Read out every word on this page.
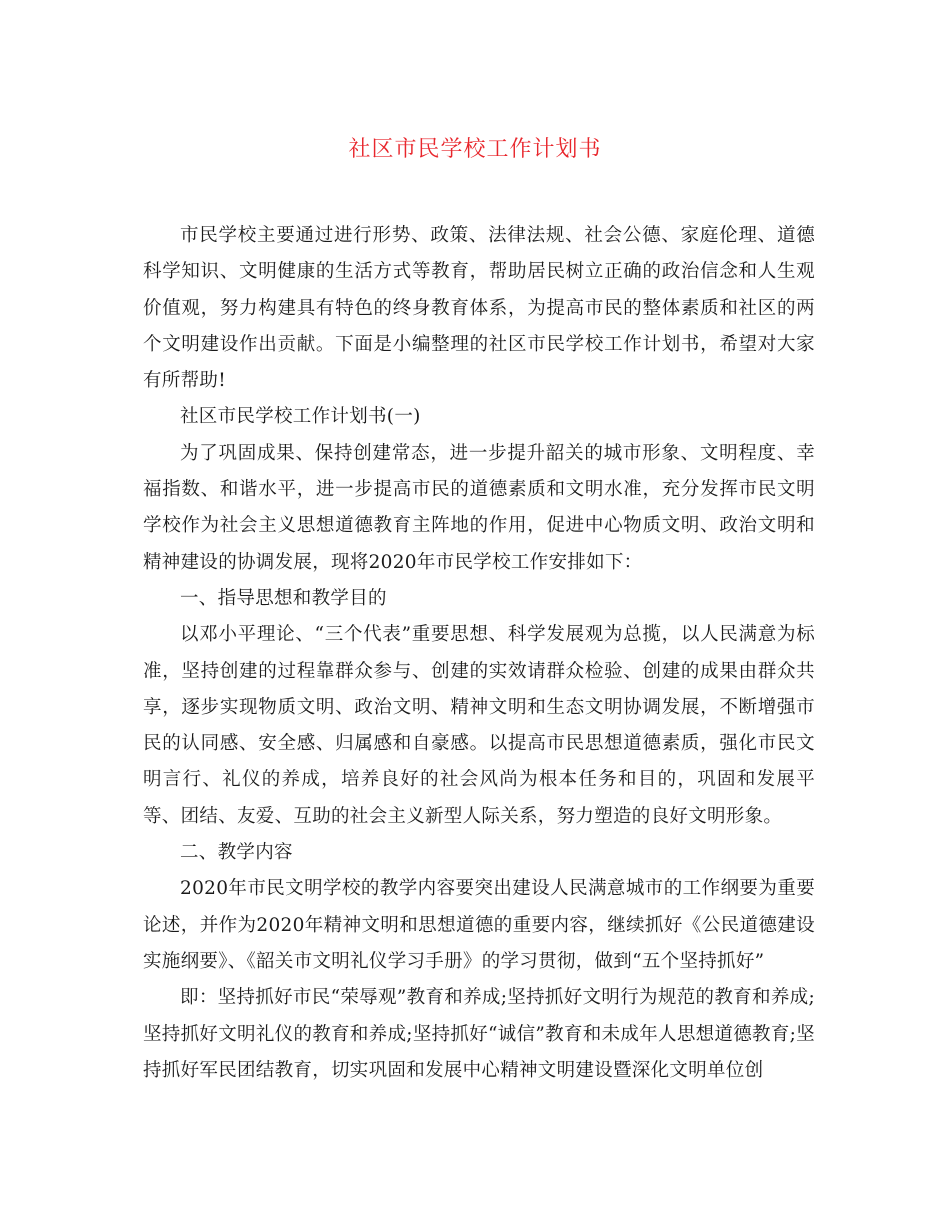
社区市民学校工作计划书

市民学校主要通过进行形势、政策、法律法规、社会公德、家庭伦理、道德科学知识、文明健康的生活方式等教育，帮助居民树立正确的政治信念和人生观价值观，努力构建具有特色的终身教育体系，为提高市民的整体素质和社区的两个文明建设作出贡献。下面是小编整理的社区市民学校工作计划书，希望对大家有所帮助!

社区市民学校工作计划书(一)

为了巩固成果、保持创建常态，进一步提升韶关的城市形象、文明程度、幸福指数、和谐水平，进一步提高市民的道德素质和文明水准，充分发挥市民文明学校作为社会主义思想道德教育主阵地的作用，促进中心物质文明、政治文明和精神建设的协调发展，现将2020年市民学校工作安排如下：

一、指导思想和教学目的

以邓小平理论、“三个代表”重要思想、科学发展观为总揽，以人民满意为标准，坚持创建的过程靠群众参与、创建的实效请群众检验、创建的成果由群众共享，逐步实现物质文明、政治文明、精神文明和生态文明协调发展，不断增强市民的认同感、安全感、归属感和自豪感。以提高市民思想道德素质，强化市民文明言行、礼仪的养成，培养良好的社会风尚为根本任务和目的，巩固和发展平等、团结、友爱、互助的社会主义新型人际关系，努力塑造的良好文明形象。

二、教学内容

2020年市民文明学校的教学内容要突出建设人民满意城市的工作纲要为重要论述，并作为2020年精神文明和思想道德的重要内容，继续抓好《公民道德建设实施纲要》、《韶关市文明礼仪学习手册》的学习贯彻，做到“五个坚持抓好”

即：坚持抓好市民“荣辱观”教育和养成;坚持抓好文明行为规范的教育和养成;坚持抓好文明礼仪的教育和养成;坚持抓好“诚信”教育和未成年人思想道德教育;坚持抓好军民团结教育，切实巩固和发展中心精神文明建设暨深化文明单位创
